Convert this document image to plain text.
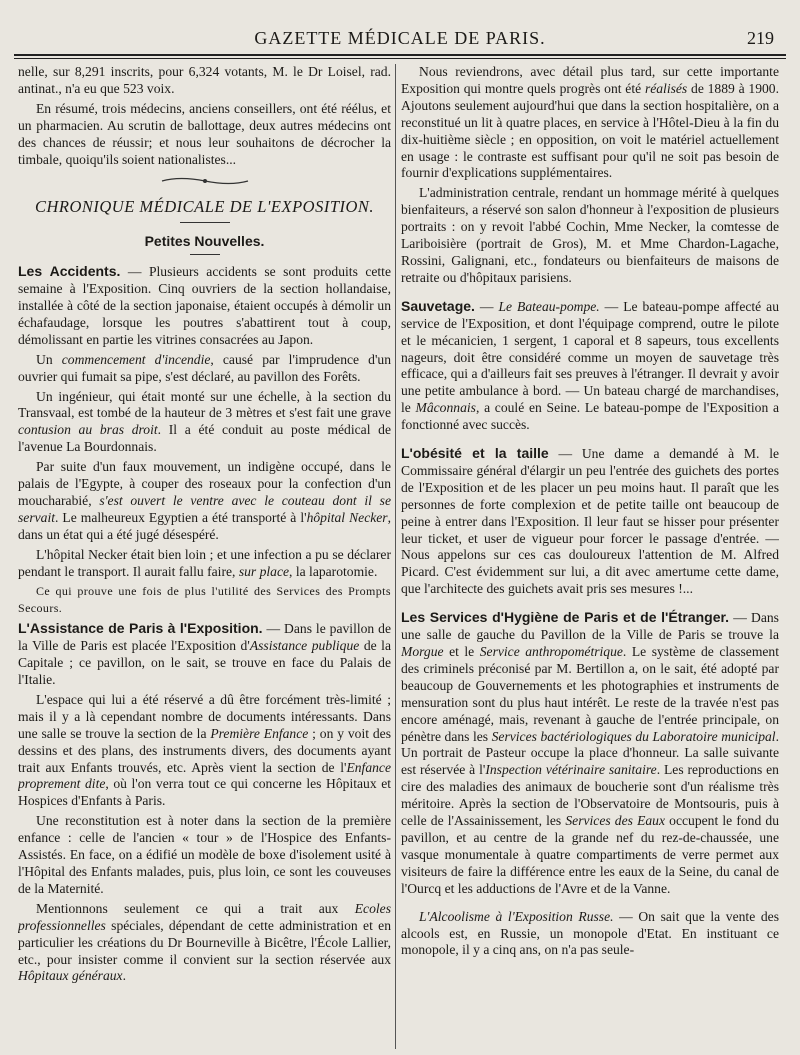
GAZETTE MÉDICALE DE PARIS.	219

nelle, sur 8,291 inscrits, pour 6,324 votants, M. le Dr Loisel, rad. antinat., n'a eu que 523 voix.

En résumé, trois médecins, anciens conseillers, ont été réélus, et un pharmacien. Au scrutin de ballottage, deux autres médecins ont des chances de réussir; et nous leur souhaitons de décrocher la timbale, quoiqu'ils soient nationalistes...

CHRONIQUE MÉDICALE DE L'EXPOSITION.
Petites Nouvelles.

Les Accidents. — Plusieurs accidents se sont produits cette semaine à l'Exposition. Cinq ouvriers de la section hollandaise, installée à côté de la section japonaise, étaient occupés à démolir un échafaudage, lorsque les poutres s'abattirent tout à coup, démolissant en partie les vitrines consacrées au Japon.

Un commencement d'incendie, causé par l'imprudence d'un ouvrier qui fumait sa pipe, s'est déclaré, au pavillon des Forêts.

Un ingénieur, qui était monté sur une échelle, à la section du Transvaal, est tombé de la hauteur de 3 mètres et s'est fait une grave contusion au bras droit. Il a été conduit au poste médical de l'avenue La Bourdonnais.

Par suite d'un faux mouvement, un indigène occupé, dans le palais de l'Egypte, à couper des roseaux pour la confection d'un moucharabié, s'est ouvert le ventre avec le couteau dont il se servait. Le malheureux Egyptien a été transporté à l'hôpital Necker, dans un état qui a été jugé désespéré.

L'hôpital Necker était bien loin ; et une infection a pu se déclarer pendant le transport. Il aurait fallu faire, sur place, la laparotomie.

Ce qui prouve une fois de plus l'utilité des Services des Prompts Secours.

L'Assistance de Paris à l'Exposition. — Dans le pavillon de la Ville de Paris est placée l'Exposition d'Assistance publique de la Capitale ; ce pavillon, on le sait, se trouve en face du Palais de l'Italie.

L'espace qui lui a été réservé a dû être forcément très-limité ; mais il y a là cependant nombre de documents intéressants. Dans une salle se trouve la section de la Première Enfance ; on y voit des dessins et des plans, des instruments divers, des documents ayant trait aux Enfants trouvés, etc. Après vient la section de l'Enfance proprement dite, où l'on verra tout ce qui concerne les Hôpitaux et Hospices d'Enfants à Paris.

Une reconstitution est à noter dans la section de la première enfance : celle de l'ancien « tour » de l'Hospice des Enfants-Assistés. En face, on a édifié un modèle de boxe d'isolement usité à l'Hôpital des Enfants malades, puis, plus loin, ce sont les couveuses de la Maternité.

Mentionnons seulement ce qui a trait aux Ecoles professionnelles spéciales, dépendant de cette administration et en particulier les créations du Dr Bourneville à Bicêtre, l'École Lallier, etc., pour insister comme il convient sur la section réservée aux Hôpitaux généraux.

Nous reviendrons, avec détail plus tard, sur cette importante Exposition qui montre quels progrès ont été réalisés de 1889 à 1900. Ajoutons seulement aujourd'hui que dans la section hospitalière, on a reconstitué un lit à quatre places, en service à l'Hôtel-Dieu à la fin du dix-huitième siècle ; en opposition, on voit le matériel actuellement en usage : le contraste est suffisant pour qu'il ne soit pas besoin de fournir d'explications supplémentaires.

L'administration centrale, rendant un hommage mérité à quelques bienfaiteurs, a réservé son salon d'honneur à l'exposition de plusieurs portraits : on y revoit l'abbé Cochin, Mme Necker, la comtesse de Lariboisière (portrait de Gros), M. et Mme Chardon-Lagache, Rossini, Galignani, etc., fondateurs ou bienfaiteurs de maisons de retraite ou d'hôpitaux parisiens.

Sauvetage. — Le Bateau-pompe. — Le bateau-pompe affecté au service de l'Exposition, et dont l'équipage comprend, outre le pilote et le mécanicien, 1 sergent, 1 caporal et 8 sapeurs, tous excellents nageurs, doit être considéré comme un moyen de sauvetage très efficace, qui a d'ailleurs fait ses preuves à l'étranger. Il devrait y avoir une petite ambulance à bord. — Un bateau chargé de marchandises, le Mâconnais, a coulé en Seine. Le bateau-pompe de l'Exposition a fonctionné avec succès.

L'obésité et la taille — Une dame a demandé à M. le Commissaire général d'élargir un peu l'entrée des guichets des portes de l'Exposition et de les placer un peu moins haut. Il paraît que les personnes de forte complexion et de petite taille ont beaucoup de peine à entrer dans l'Exposition. Il leur faut se hisser pour présenter leur ticket, et user de vigueur pour forcer le passage d'entrée. — Nous appelons sur ces cas douloureux l'attention de M. Alfred Picard. C'est évidemment sur lui, a dit avec amertume cette dame, que l'architecte des guichets avait pris ses mesures !...

Les Services d'Hygiène de Paris et de l'Étranger. — Dans une salle de gauche du Pavillon de la Ville de Paris se trouve la Morgue et le Service anthropométrique. Le système de classement des criminels préconisé par M. Bertillon a, on le sait, été adopté par beaucoup de Gouvernements et les photographies et instruments de mensuration sont du plus haut intérêt. Le reste de la travée n'est pas encore aménagé, mais, revenant à gauche de l'entrée principale, on pénètre dans les Services bactériologiques du Laboratoire municipal. Un portrait de Pasteur occupe la place d'honneur. La salle suivante est réservée à l'Inspection vétérinaire sanitaire. Les reproductions en cire des maladies des animaux de boucherie sont d'un réalisme très méritoire. Après la section de l'Observatoire de Montsouris, puis à celle de l'Assainissement, les Services des Eaux occupent le fond du pavillon, et au centre de la grande nef du rez-de-chaussée, une vasque monumentale à quatre compartiments de verre permet aux visiteurs de faire la différence entre les eaux de la Seine, du canal de l'Ourcq et les adductions de l'Avre et de la Vanne.

L'Alcoolisme à l'Exposition Russe. — On sait que la vente des alcools est, en Russie, un monopole d'Etat. En instituant ce monopole, il y a cinq ans, on n'a pas seule-
